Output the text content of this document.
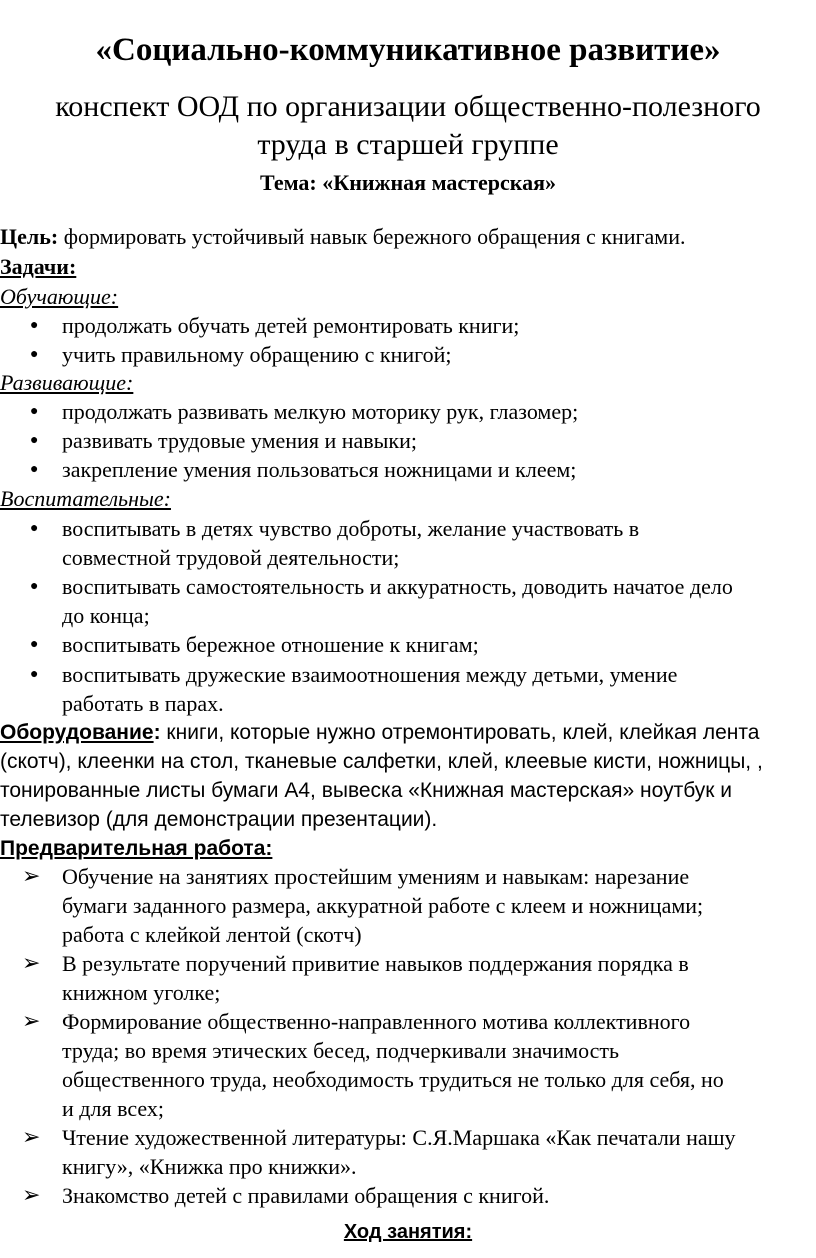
«Социально-коммуникативное развитие»
конспект ООД по организации общественно-полезного
труда в старшей группе
Тема: «Книжная мастерская»
Цель: формировать устойчивый навык бережного обращения с книгами.
Задачи:
Обучающие:
● продолжать обучать детей ремонтировать книги;
● учить правильному обращению с книгой;
Развивающие:
● продолжать развивать мелкую моторику рук, глазомер;
● развивать трудовые умения и навыки;
● закрепление умения пользоваться ножницами и клеем;
Воспитательные:
● воспитывать в детях чувство доброты, желание участвовать в
совместной трудовой деятельности;
● воспитывать самостоятельность и аккуратность, доводить начатое дело
до конца;
● воспитывать бережное отношение к книгам;
● воспитывать дружеские взаимоотношения между детьми, умение
работать в парах.
Оборудование: книги, которые нужно отремонтировать, клей, клейкая лента
(скотч), клеенки на стол, тканевые салфетки, клей, клеевые кисти, ножницы, ,
тонированные листы бумаги А4, вывеска «Книжная мастерская» ноутбук и
телевизор (для демонстрации презентации).
Предварительная работа:
➢ Обучение на занятиях простейшим умениям и навыкам: нарезание
бумаги заданного размера, аккуратной работе с клеем и ножницами;
работа с клейкой лентой (скотч)
➢ В результате поручений привитие навыков поддержания порядка в
книжном уголке;
➢ Формирование общественно-направленного мотива коллективного
труда; во время этических бесед, подчеркивали значимость
общественного труда, необходимость трудиться не только для себя, но
и для всех;
➢ Чтение художественной литературы: С.Я.Маршака «Как печатали нашу
книгу», «Книжка про книжки».
➢ Знакомство детей с правилами обращения с книгой.
Ход занятия:
